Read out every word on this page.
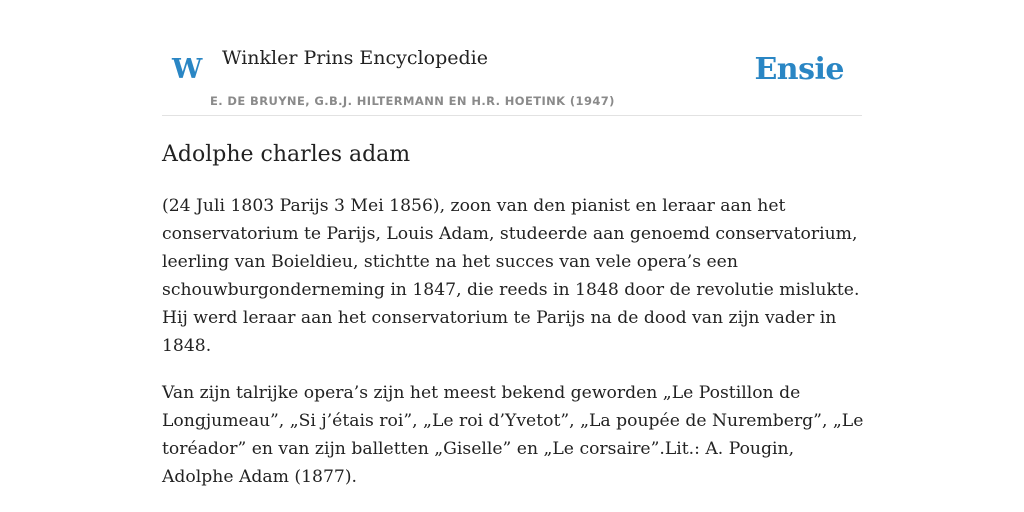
W Winkler Prins Encyclopedie
E. DE BRUYNE, G.B.J. HILTERMANN EN H.R. HOETINK (1947)
Ensie
Adolphe charles adam

(24 Juli 1803 Parijs 3 Mei 1856), zoon van den pianist en leraar aan het conservatorium te Parijs, Louis Adam, studeerde aan genoemd conservatorium, leerling van Boieldieu, stichtte na het succes van vele opera’s een schouwburgonderneming in 1847, die reeds in 1848 door de revolutie mislukte. Hij werd leraar aan het conservatorium te Parijs na de dood van zijn vader in 1848.

Van zijn talrijke opera’s zijn het meest bekend geworden „Le Postillon de Longjumeau”, „Si j’étais roi”, „Le roi d’Yvetot”, „La poupée de Nuremberg”, „Le toréador” en van zijn balletten „Giselle” en „Le corsaire”.Lit.: A. Pougin, Adolphe Adam (1877).
